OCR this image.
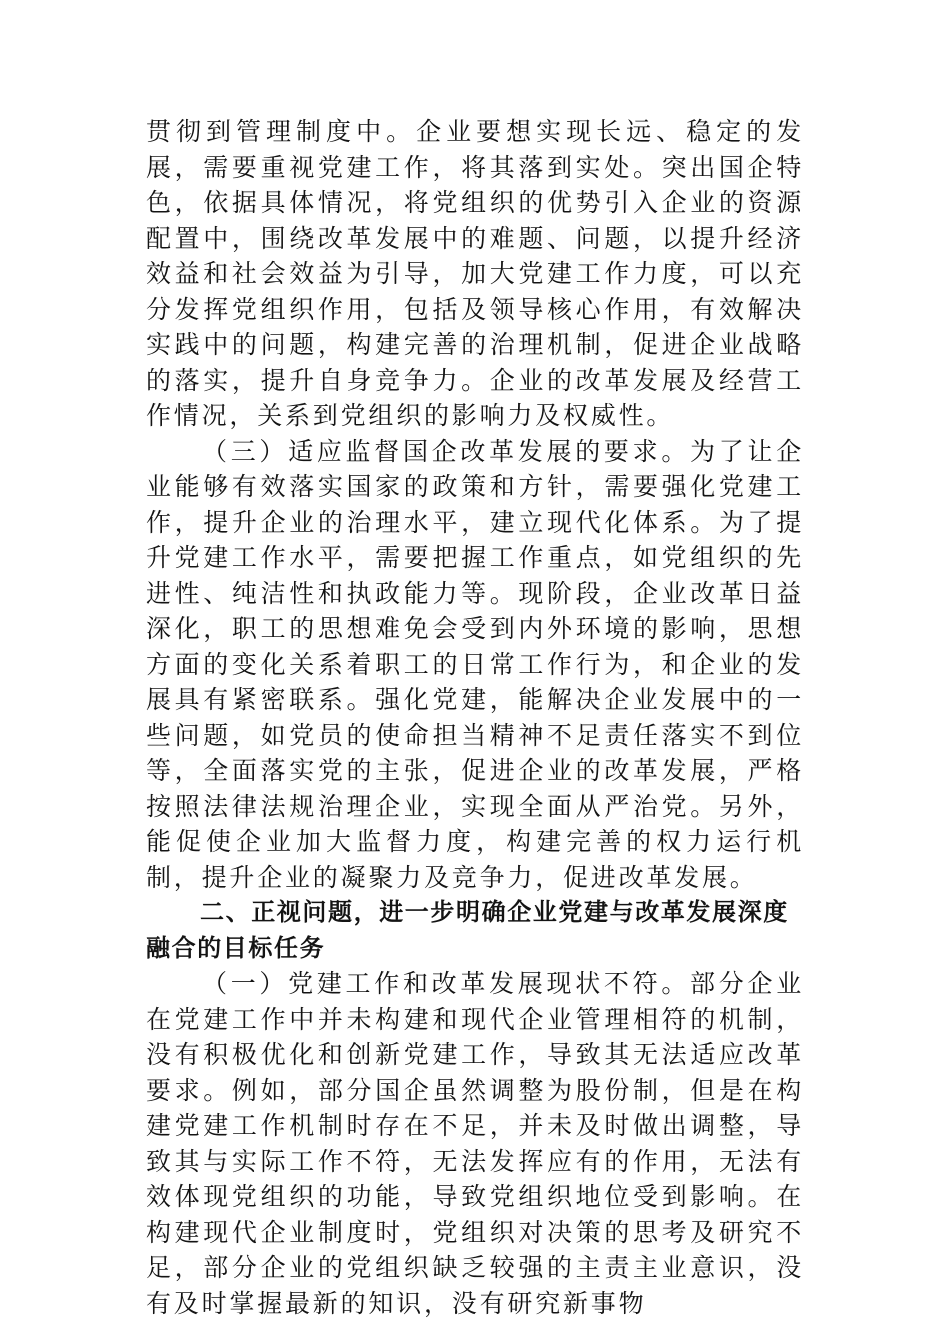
贯彻到管理制度中。企业要想实现长远、稳定的发展，需要重视党建工作，将其落到实处。突出国企特色，依据具体情况，将党组织的优势引入企业的资源配置中，围绕改革发展中的难题、问题，以提升经济效益和社会效益为引导，加大党建工作力度，可以充分发挥党组织作用，包括及领导核心作用，有效解决实践中的问题，构建完善的治理机制，促进企业战略的落实，提升自身竞争力。企业的改革发展及经营工作情况，关系到党组织的影响力及权威性。

（三）适应监督国企改革发展的要求。为了让企业能够有效落实国家的政策和方针，需要强化党建工作，提升企业的治理水平，建立现代化体系。为了提升党建工作水平，需要把握工作重点，如党组织的先进性、纯洁性和执政能力等。现阶段，企业改革日益深化，职工的思想难免会受到内外环境的影响，思想方面的变化关系着职工的日常工作行为，和企业的发展具有紧密联系。强化党建，能解决企业发展中的一些问题，如党员的使命担当精神不足责任落实不到位等，全面落实党的主张，促进企业的改革发展，严格按照法律法规治理企业，实现全面从严治党。另外，能促使企业加大监督力度，构建完善的权力运行机制，提升企业的凝聚力及竞争力，促进改革发展。

二、正视问题，进一步明确企业党建与改革发展深度融合的目标任务

（一）党建工作和改革发展现状不符。部分企业在党建工作中并未构建和现代企业管理相符的机制，没有积极优化和创新党建工作，导致其无法适应改革要求。例如，部分国企虽然调整为股份制，但是在构建党建工作机制时存在不足，并未及时做出调整，导致其与实际工作不符，无法发挥应有的作用，无法有效体现党组织的功能，导致党组织地位受到影响。在构建现代企业制度时，党组织对决策的思考及研究不足，部分企业的党组织缺乏较强的主责主业意识，没有及时掌握最新的知识，没有研究新事物
